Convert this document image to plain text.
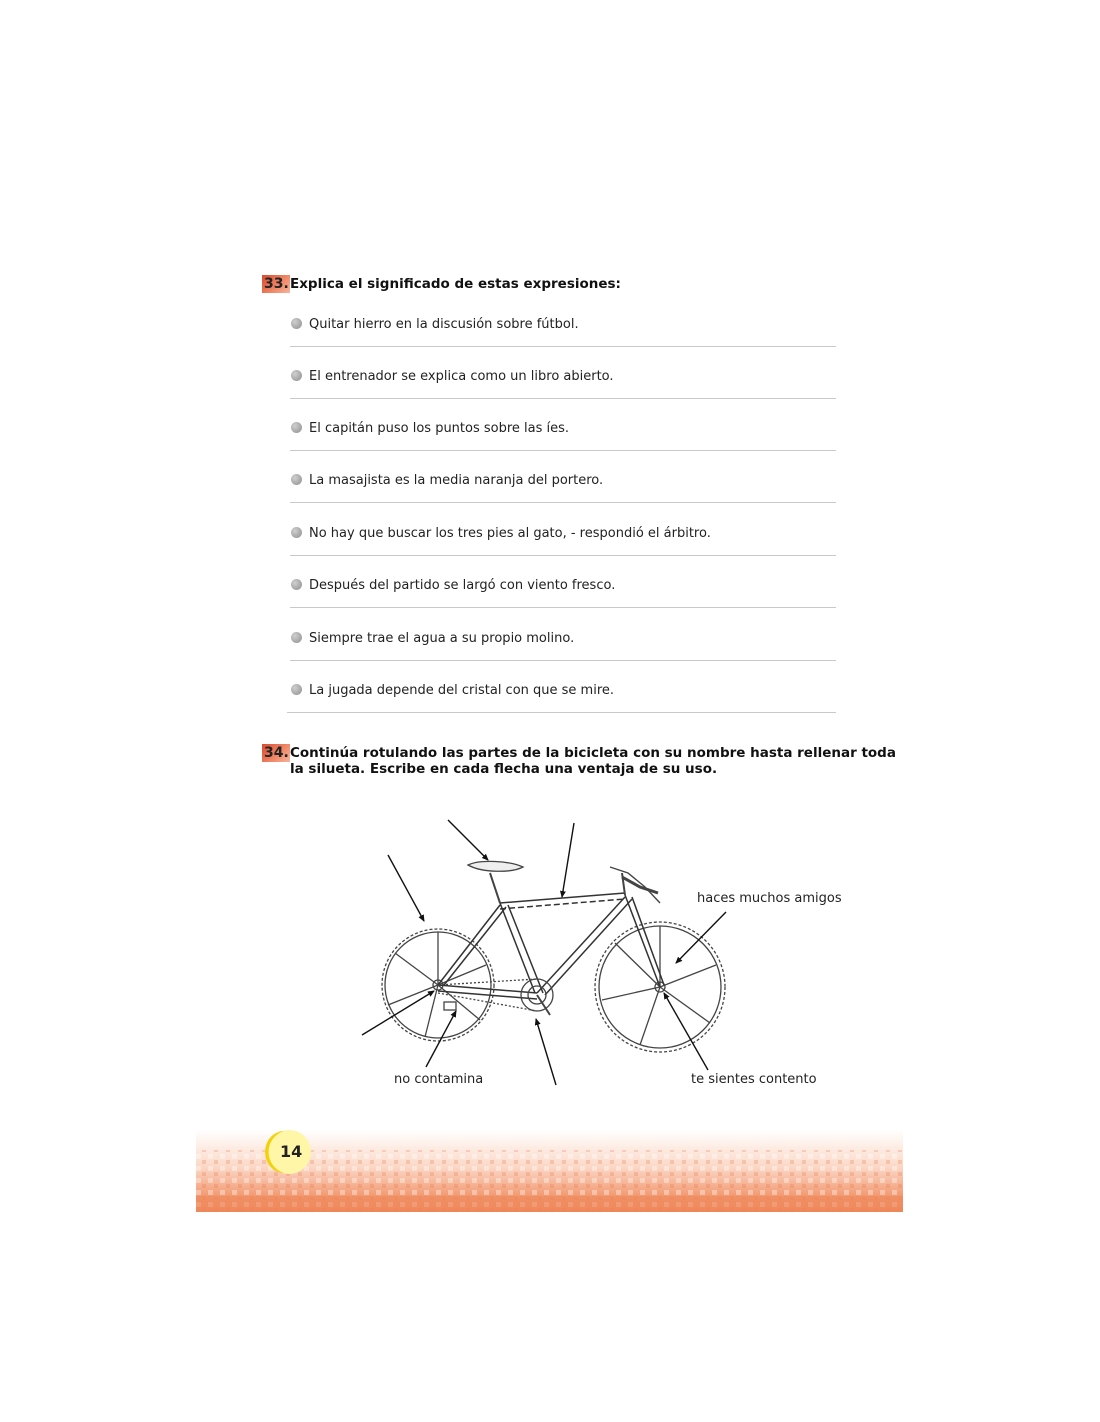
33. Explica el significado de estas expresiones:
Quitar hierro en la discusión sobre fútbol.
El entrenador se explica como un libro abierto.
El capitán puso los puntos sobre las íes.
La masajista es la media naranja del portero.
No hay que buscar los tres pies al gato, - respondió el árbitro.
Después del partido se largó con viento fresco.
Siempre trae el agua a su propio molino.
La jugada depende del cristal con que se mire.
34. Continúa rotulando las partes de la bicicleta con su nombre hasta rellenar toda
la silueta. Escribe en cada flecha una ventaja de su uso.
haces muchos amigos
no contamina	te sientes contento
14
